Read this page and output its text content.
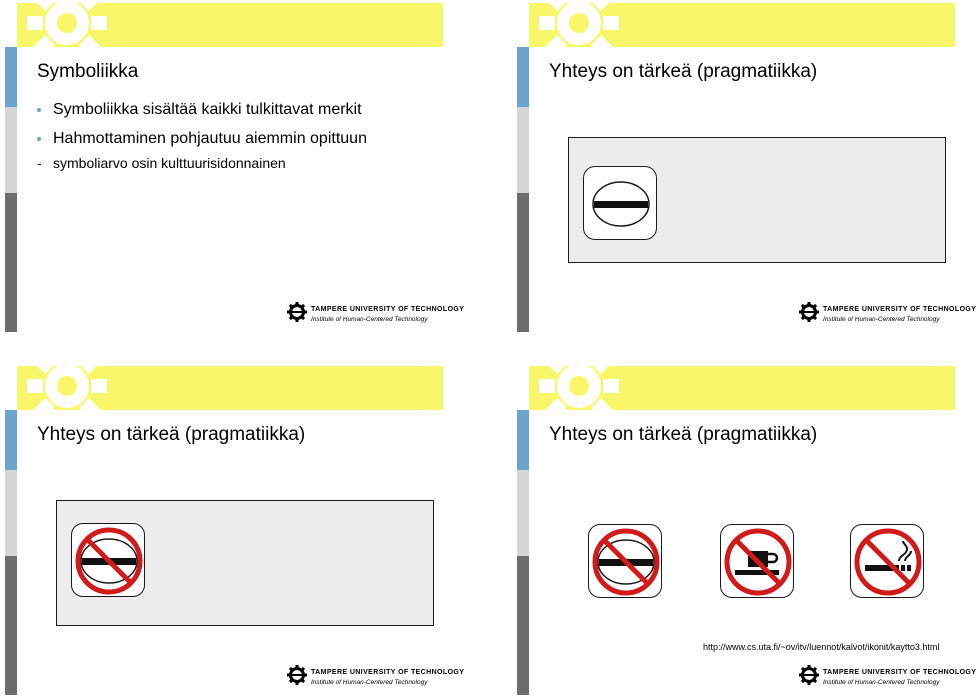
Symboliikka
Symboliikka sisältää kaikki tulkittavat merkit
Hahmottaminen pohjautuu aiemmin opittuun
- symboliarvo osin kulttuurisidonnainen
TAMPERE UNIVERSITY OF TECHNOLOGY
Institute of Human-Centered Technology
Yhteys on tärkeä (pragmatiikka)
TAMPERE UNIVERSITY OF TECHNOLOGY
Institute of Human-Centered Technology
Yhteys on tärkeä (pragmatiikka)
TAMPERE UNIVERSITY OF TECHNOLOGY
Institute of Human-Centered Technology
Yhteys on tärkeä (pragmatiikka)
http://www.cs.uta.fi/~ov/itv/luennot/kalvot/ikonit/kaytto3.html
TAMPERE UNIVERSITY OF TECHNOLOGY
Institute of Human-Centered Technology
